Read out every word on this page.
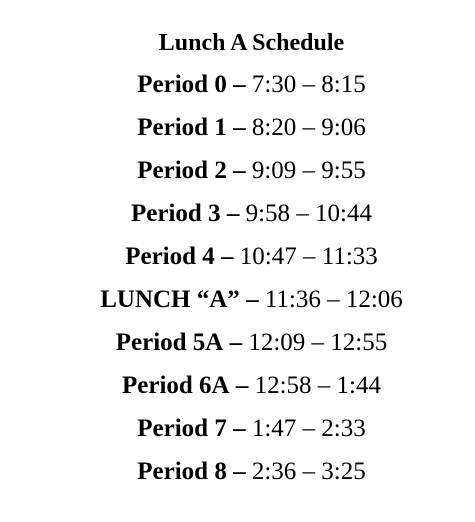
Lunch A Schedule
Period 0 – 7:30 – 8:15
Period 1 – 8:20 – 9:06
Period 2 – 9:09 – 9:55
Period 3 – 9:58 – 10:44
Period 4 – 10:47 – 11:33
LUNCH “A” – 11:36 – 12:06
Period 5A – 12:09 – 12:55
Period 6A – 12:58 – 1:44
Period 7 – 1:47 – 2:33
Period 8 – 2:36 – 3:25
